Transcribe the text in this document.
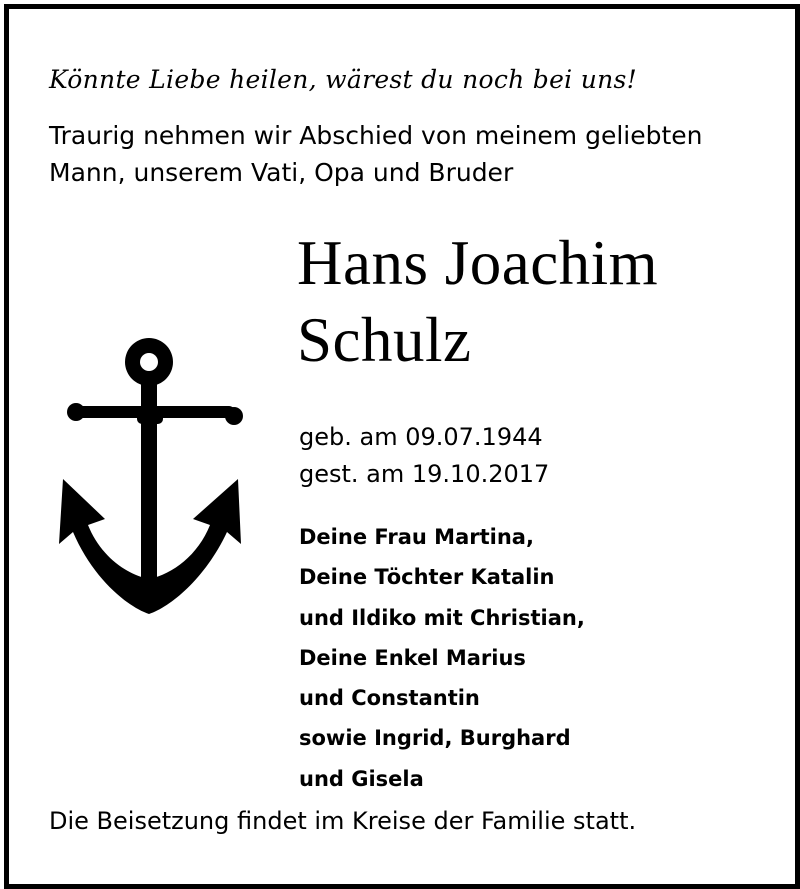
Könnte Liebe heilen, wärest du noch bei uns!
Traurig nehmen wir Abschied von meinem geliebten
Mann, unserem Vati, Opa und Bruder
Hans Joachim
Schulz
geb. am 09.07.1944
gest. am 19.10.2017
Deine Frau Martina,
Deine Töchter Katalin
und Ildiko mit Christian,
Deine Enkel Marius
und Constantin
sowie Ingrid, Burghard
und Gisela
Die Beisetzung findet im Kreise der Familie statt.
